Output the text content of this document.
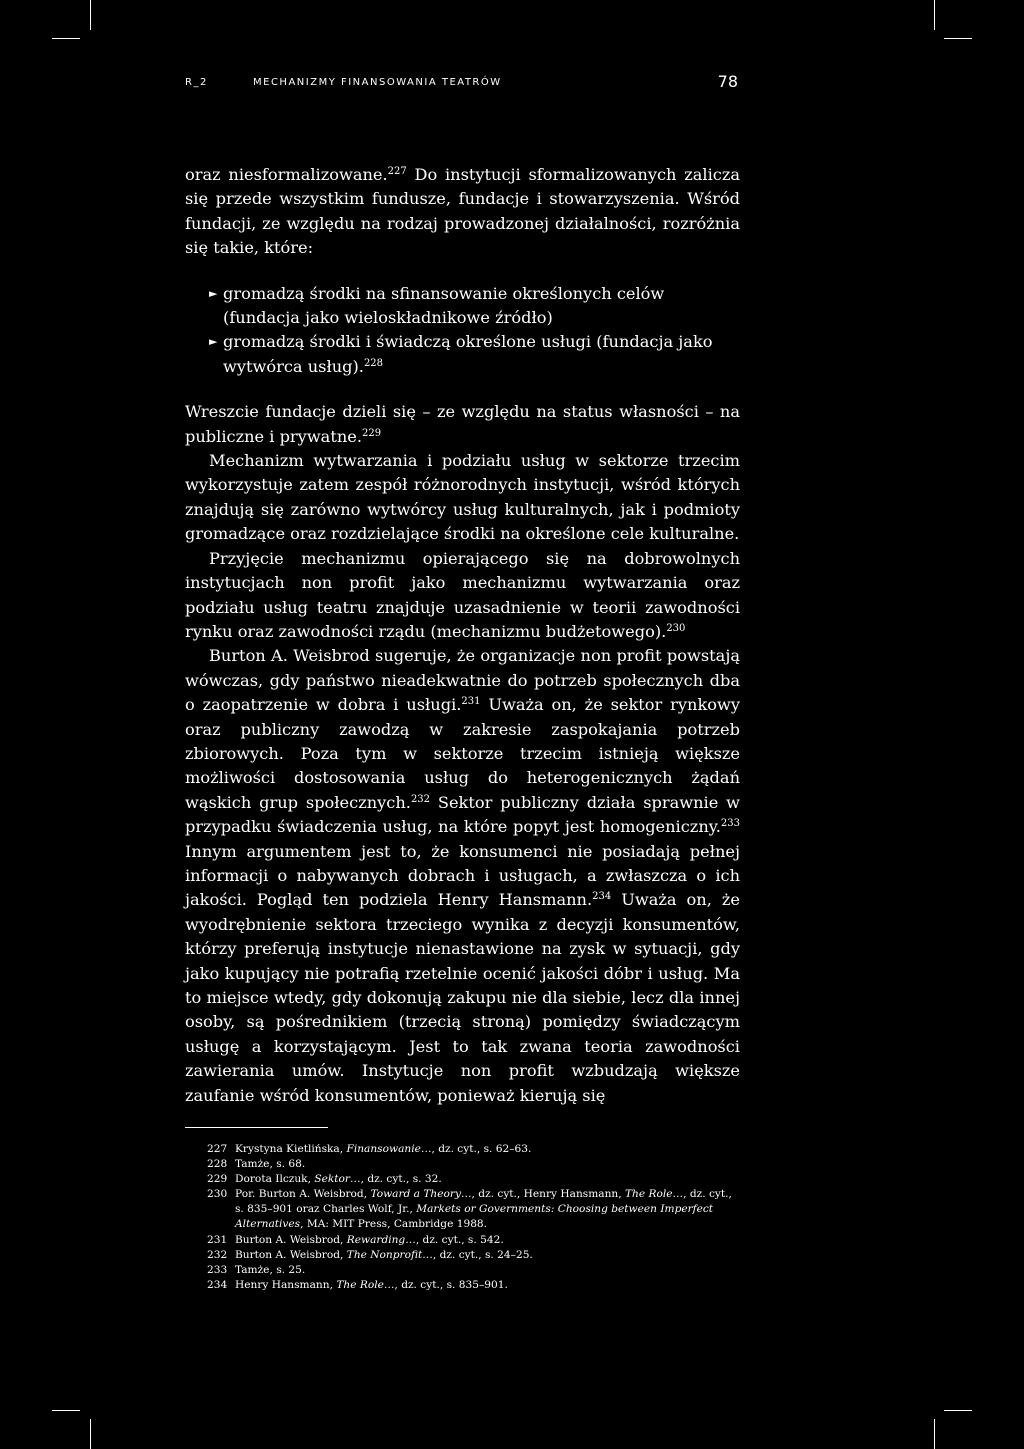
R_2	MECHANIZMY FINANSOWANIA TEATRÓW	78

oraz niesformalizowane.$^{227}$ Do instytucji sformalizowanych zalicza się przede wszystkim fundusze, fundacje i stowarzyszenia. Wśród fundacji, ze względu na rodzaj prowadzonej działalności, rozróżnia się takie, które:

► gromadzą środki na sfinansowanie określonych celów (fundacja jako wieloskładnikowe źródło)
► gromadzą środki i świadczą określone usługi (fundacja jako wytwórca usług).$^{228}$

Wreszcie fundacje dzieli się – ze względu na status własności – na publiczne i prywatne.$^{229}$

Mechanizm wytwarzania i podziału usług w sektorze trzecim wykorzystuje zatem zespół różnorodnych instytucji, wśród których znajdują się zarówno wytwórcy usług kulturalnych, jak i podmioty gromadzące oraz rozdzielające środki na określone cele kulturalne.

Przyjęcie mechanizmu opierającego się na dobrowolnych instytucjach non profit jako mechanizmu wytwarzania oraz podziału usług teatru znajduje uzasadnienie w teorii zawodności rynku oraz zawodności rządu (mechanizmu budżetowego).$^{230}$

Burton A. Weisbrod sugeruje, że organizacje non profit powstają wówczas, gdy państwo nieadekwatnie do potrzeb społecznych dba o zaopatrzenie w dobra i usługi.$^{231}$ Uważa on, że sektor rynkowy oraz publiczny zawodzą w zakresie zaspokajania potrzeb zbiorowych. Poza tym w sektorze trzecim istnieją większe możliwości dostosowania usług do heterogenicznych żądań wąskich grup społecznych.$^{232}$ Sektor publiczny działa sprawnie w przypadku świadczenia usług, na które popyt jest homogeniczny.$^{233}$ Innym argumentem jest to, że konsumenci nie posiadają pełnej informacji o nabywanych dobrach i usługach, a zwłaszcza o ich jakości. Pogląd ten podziela Henry Hansmann.$^{234}$ Uważa on, że wyodrębnienie sektora trzeciego wynika z decyzji konsumentów, którzy preferują instytucje nienastawione na zysk w sytuacji, gdy jako kupujący nie potrafią rzetelnie ocenić jakości dóbr i usług. Ma to miejsce wtedy, gdy dokonują zakupu nie dla siebie, lecz dla innej osoby, są pośrednikiem (trzecią stroną) pomiędzy świadczącym usługę a korzystającym. Jest to tak zwana teoria zawodności zawierania umów. Instytucje non profit wzbudzają większe zaufanie wśród konsumentów, ponieważ kierują się

227 Krystyna Kietlińska, Finansowanie…, dz. cyt., s. 62–63.
228 Tamże, s. 68.
229 Dorota Ilczuk, Sektor…, dz. cyt., s. 32.
230 Por. Burton A. Weisbrod, Toward a Theory…, dz. cyt., Henry Hansmann, The Role…, dz. cyt., s. 835–901 oraz Charles Wolf, Jr., Markets or Governments: Choosing between Imperfect Alternatives, MA: MIT Press, Cambridge 1988.
231 Burton A. Weisbrod, Rewarding…, dz. cyt., s. 542.
232 Burton A. Weisbrod, The Nonprofit…, dz. cyt., s. 24–25.
233 Tamże, s. 25.
234 Henry Hansmann, The Role…, dz. cyt., s. 835–901.
